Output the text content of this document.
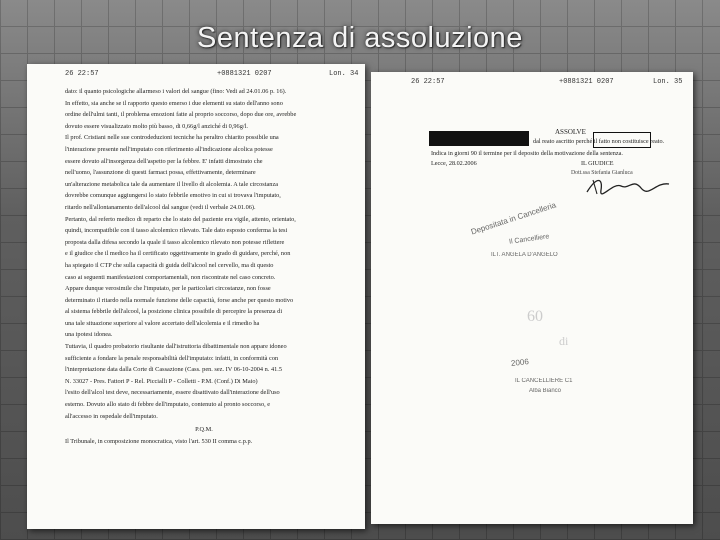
Sentenza di assoluzione
26 22:57	+0881321 0207	Lon. 34
dato: il quanto psicologiche allarmeso i valori del sangue (fino: Vedi ad 24.01.06 p. 16).
In effetto, sia anche se il rapporto questo emerso i due elementi su stato dell'anno sono
ordine dell'ulmi tanti, il problema emozioni fatte al proprio soccorso, dopo due ore, avrebbe
dovuto essere visualizzato molto più basso, di 0,66g/l anziché di 0,96g/l.
Il prof. Cristiani nelle sue controdeduzioni tecniche ha peraltro chiarito possibile una
l'interazione presente nell'imputato con riferimento all'indicazione alcolica potesse
essere dovuto all'insorgenza dell'aspetto per la febbre. E' infatti dimostrato che
nell'uomo, l'assunzione di questi farmaci possa, effettivamente, determinare
un'alterazione metabolica tale da aumentare il livello di alcolemia. A tale circostanza
dovrebbe comunque aggiungersi lo stato febbrile emotivo in cui si trovava l'imputato,
ritardo nell'allontanamento dell'alcool dal sangue (vedi il verbale 24.01.06).
Pertanto, dal referto medico di reparto che lo stato del paziente era vigile, attento, orientato,
quindi, incompatibile con il tasso alcolemico rilevato. Tale dato esposto conferma la tesi
proposta dalla difesa secondo la quale il tasso alcolemico rilevato non potesse riflettere
e il giudice che il medico ha il certificato oggettivamente in grado di guidare, perché, non
ha spiegato il CTP che sulla capacità di guida dell'alcool nel cervello, ma di questo
caso ai seguenti manifestazioni comportamentali, non riscontrate nel caso concreto.
Appare dunque verosimile che l'imputato, per le particolari circostanze, non fosse
determinato il ritardo nella normale funzione delle capacità, forse anche per questo motivo
al sistema febbrile dell'alcool, la posizione clinica possibile di percepire la presenza di
una tale situazione superiore al valore accertato dell'alcolemia e il rimedio ha
una ipotesi idonea.
Tuttavia, il quadro probatorio risultante dall'istruttoria dibattimentale non appare idoneo
sufficiente a fondare la penale responsabilità dell'imputato: infatti, in conformità con
l'interpretazione data dalla Corte di Cassazione (Cass. pen. sez. IV 06-10-2004 n. 41.5
N. 33027 - Pres. Fattori P - Rel. Piccialli P - Colletti - P.M. (Conf.) Di Maio)
l'esito dell'alcol test deve, necessariamente, essere disattivato dall'interazione dell'uso
esterno. Dovuto allo stato di febbre dell'imputato, contenuto al pronto soccorso, e
all'accesso in ospedale dell'imputato.
P.Q.M.
Il Tribunale, in composizione monocratica, visto l'art. 530 II comma c.p.p.
26 22:57	+0881321 0207	Lon. 35
ASSOLVE
dal reato ascritto perché il fatto non costituisce reato.
Indica in giorni 90 il termine per il deposito della motivazione della sentenza.
Lecce, 28.02.2006	IL GIUDICE
Dott.ssa Stefania Gianluca
Depositata in Cancelleria
Il Cancelliere
ILT. ANGELA D'ANGELO
2006
IL CANCELLIERE C1
Alba Bianco
60
di
